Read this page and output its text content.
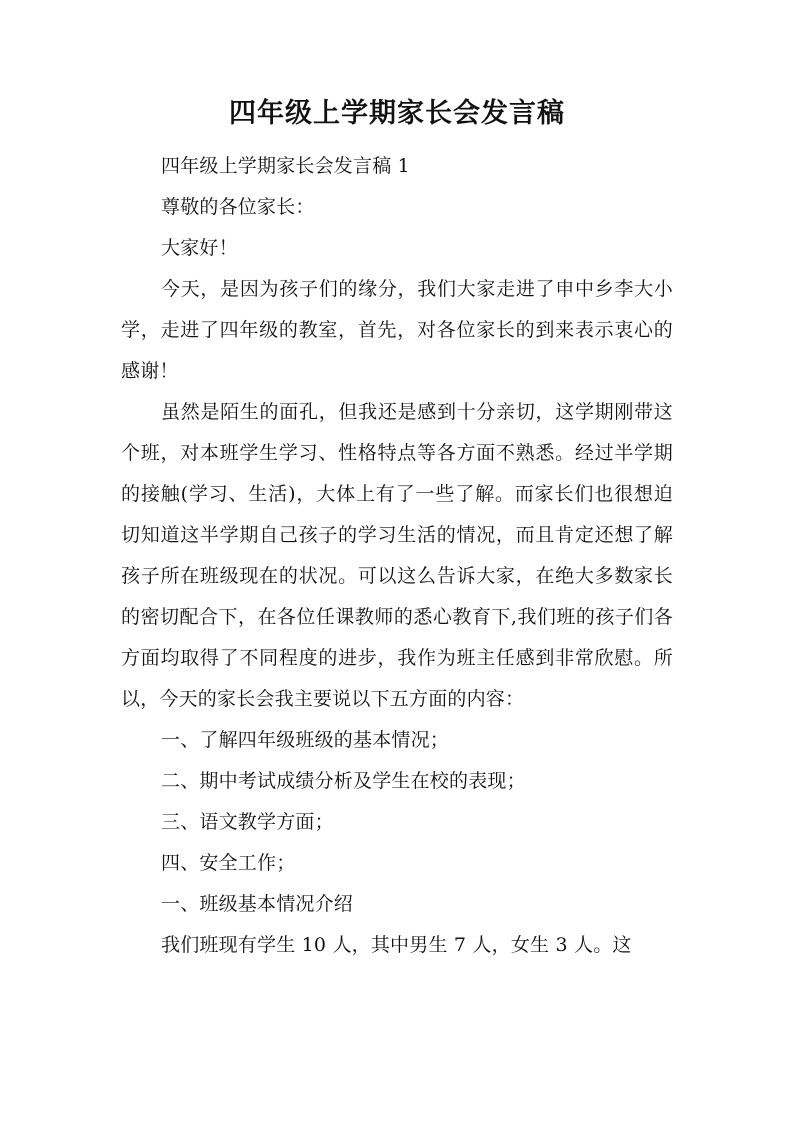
四年级上学期家长会发言稿

四年级上学期家长会发言稿 1

尊敬的各位家长：

大家好！

今天，是因为孩子们的缘分，我们大家走进了申中乡李大小学，走进了四年级的教室，首先，对各位家长的到来表示衷心的感谢！

虽然是陌生的面孔，但我还是感到十分亲切，这学期刚带这个班，对本班学生学习、性格特点等各方面不熟悉。经过半学期的接触(学习、生活)，大体上有了一些了解。而家长们也很想迫切知道这半学期自己孩子的学习生活的情况，而且肯定还想了解孩子所在班级现在的状况。可以这么告诉大家，在绝大多数家长的密切配合下，在各位任课教师的悉心教育下,我们班的孩子们各方面均取得了不同程度的进步，我作为班主任感到非常欣慰。所以，今天的家长会我主要说以下五方面的内容：

一、了解四年级班级的基本情况；

二、期中考试成绩分析及学生在校的表现；

三、语文教学方面；

四、安全工作；

一、班级基本情况介绍

我们班现有学生 10 人，其中男生 7 人，女生 3 人。这
